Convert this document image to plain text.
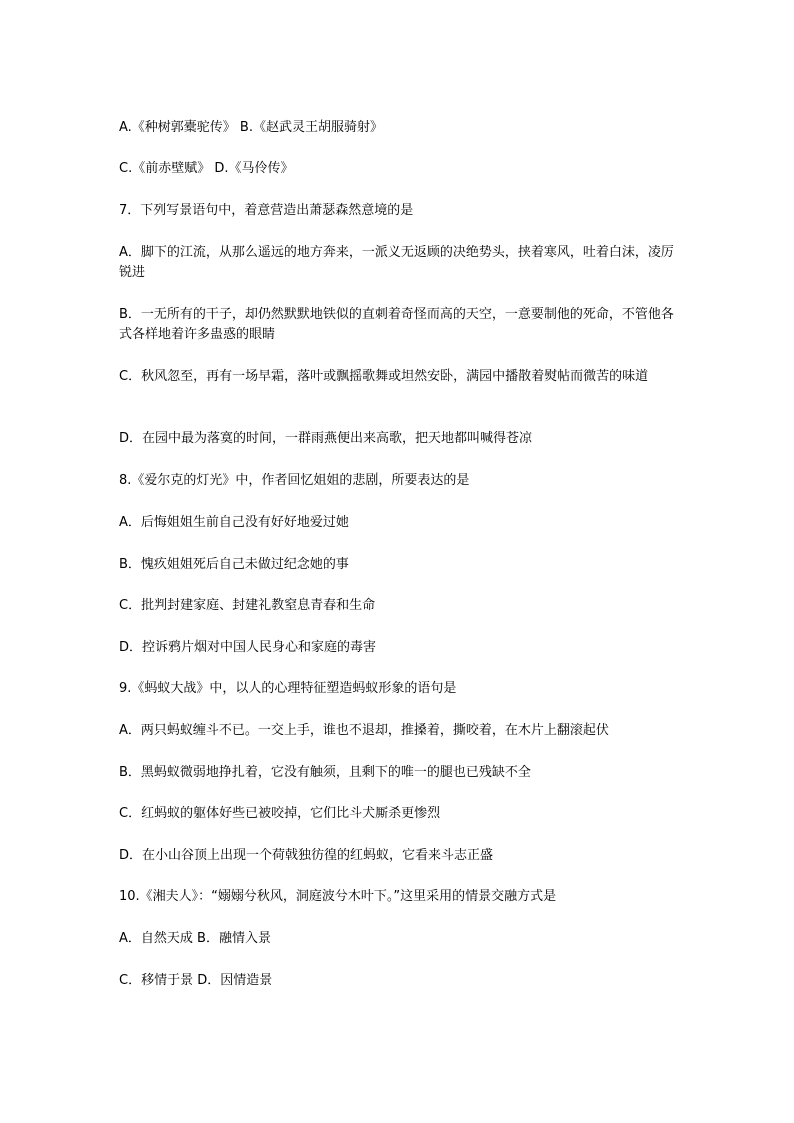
A.《种树郭橐驼传》 B.《赵武灵王胡服骑射》
C.《前赤壁赋》 D.《马伶传》
7．下列写景语句中，着意营造出萧瑟森然意境的是
A．脚下的江流，从那么遥远的地方奔来，一派义无返顾的决绝势头，挟着寒风，吐着白沫，凌厉锐进
B．一无所有的干子，却仍然默默地铁似的直刺着奇怪而高的天空，一意要制他的死命，不管他各式各样地着许多蛊惑的眼睛
C．秋风忽至，再有一场早霜，落叶或飘摇歌舞或坦然安卧，满园中播散着熨帖而微苦的味道
D．在园中最为落寞的时间，一群雨燕便出来高歌，把天地都叫喊得苍凉
8.《爱尔克的灯光》中，作者回忆姐姐的悲剧，所要表达的是
A．后悔姐姐生前自己没有好好地爱过她
B．愧疚姐姐死后自己未做过纪念她的事
C．批判封建家庭、封建礼教窒息青春和生命
D．控诉鸦片烟对中国人民身心和家庭的毒害
9.《蚂蚁大战》中，以人的心理特征塑造蚂蚁形象的语句是
A．两只蚂蚁缠斗不已。一交上手，谁也不退却，推搡着，撕咬着，在木片上翻滚起伏
B．黑蚂蚁微弱地挣扎着，它没有触须，且剩下的唯一的腿也已残缺不全
C．红蚂蚁的躯体好些已被咬掉，它们比斗犬厮杀更惨烈
D．在小山谷顶上出现一个荷戟独彷徨的红蚂蚁，它看来斗志正盛
10.《湘夫人》：“嫋嫋兮秋风，洞庭波兮木叶下。”这里采用的情景交融方式是
A．自然天成 B．融情入景
C．移情于景 D．因情造景
